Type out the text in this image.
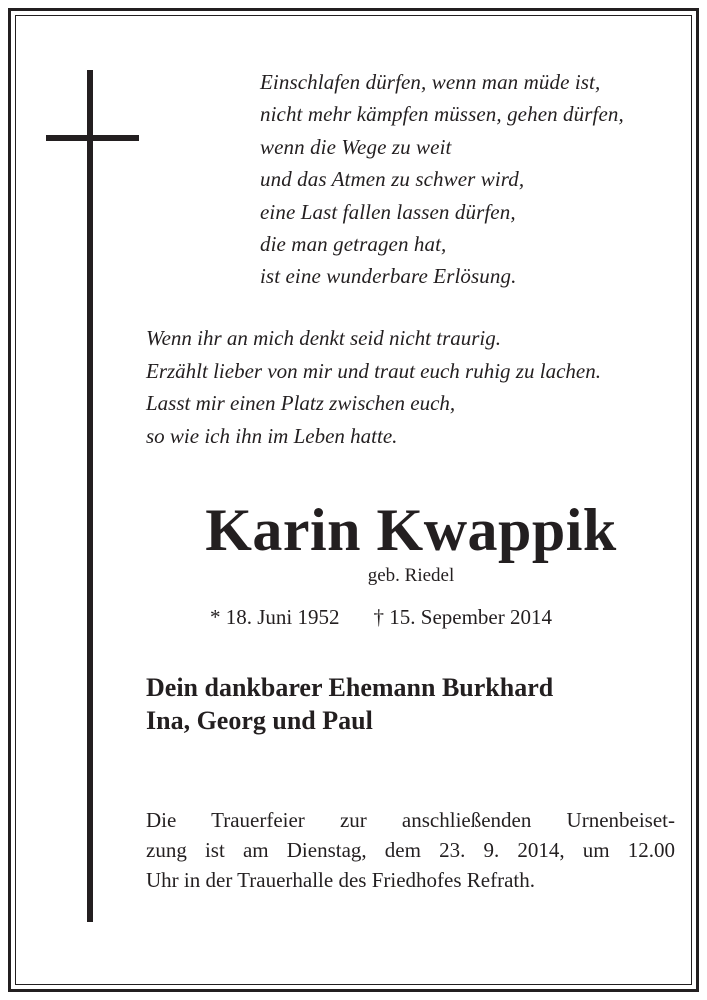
Einschlafen dürfen, wenn man müde ist,
nicht mehr kämpfen müssen, gehen dürfen,
wenn die Wege zu weit
und das Atmen zu schwer wird,
eine Last fallen lassen dürfen,
die man getragen hat,
ist eine wunderbare Erlösung.
Wenn ihr an mich denkt seid nicht traurig.
Erzählt lieber von mir und traut euch ruhig zu lachen.
Lasst mir einen Platz zwischen euch,
so wie ich ihn im Leben hatte.
Karin Kwappik
geb. Riedel
* 18. Juni 1952 † 15. Sepember 2014
Dein dankbarer Ehemann Burkhard
Ina, Georg und Paul
Die Trauerfeier zur anschließenden Urnenbeiset-
zung ist am Dienstag, dem 23. 9. 2014, um 12.00
Uhr in der Trauerhalle des Friedhofes Refrath.
